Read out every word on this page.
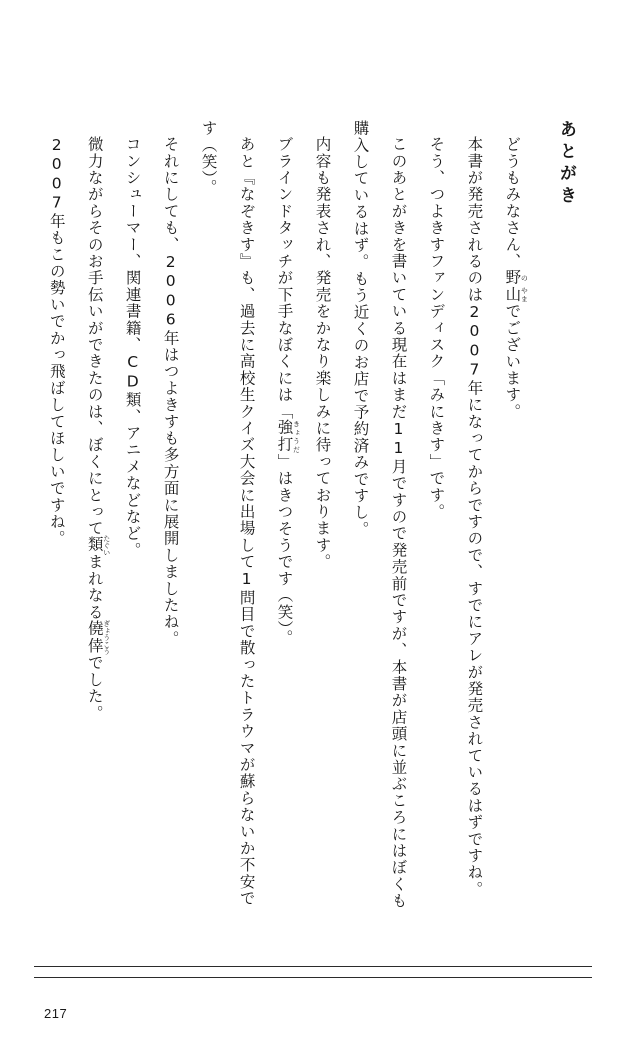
あとがき

どうもみなさん、野 の山 やまでございます。

本書が発売されるのは2007年になってからですので、すでにアレが発売されているはずですね。

そう、つよきすファンディスク「みにきす」です。

このあとがきを書いている現在はまだ11月ですので発売前ですが、本書が店頭に並ぶころにはぼくも購入しているはず。もう近くのお店で予約済みですし。

内容も発表され、発売をかなり楽しみに待っております。

ブラインドタッチが下手なぼくには「強打 きょうだ」はきつそうです（笑）。

あと『なぞきす』も、過去に高校生クイズ大会に出場して1問目で散ったトラウマが蘇らないか不安です（笑）。

それにしても、2006年はつよきすも多方面に展開しましたね。

コンシューマー、関連書籍、CD類、アニメなどなど。

微力ながらそのお手伝いができたのは、ぼくにとって類 たぐいまれなる僥倖 ぎょうこうでした。

2007年もこの勢いでかっ飛ばしてほしいですね。

217
